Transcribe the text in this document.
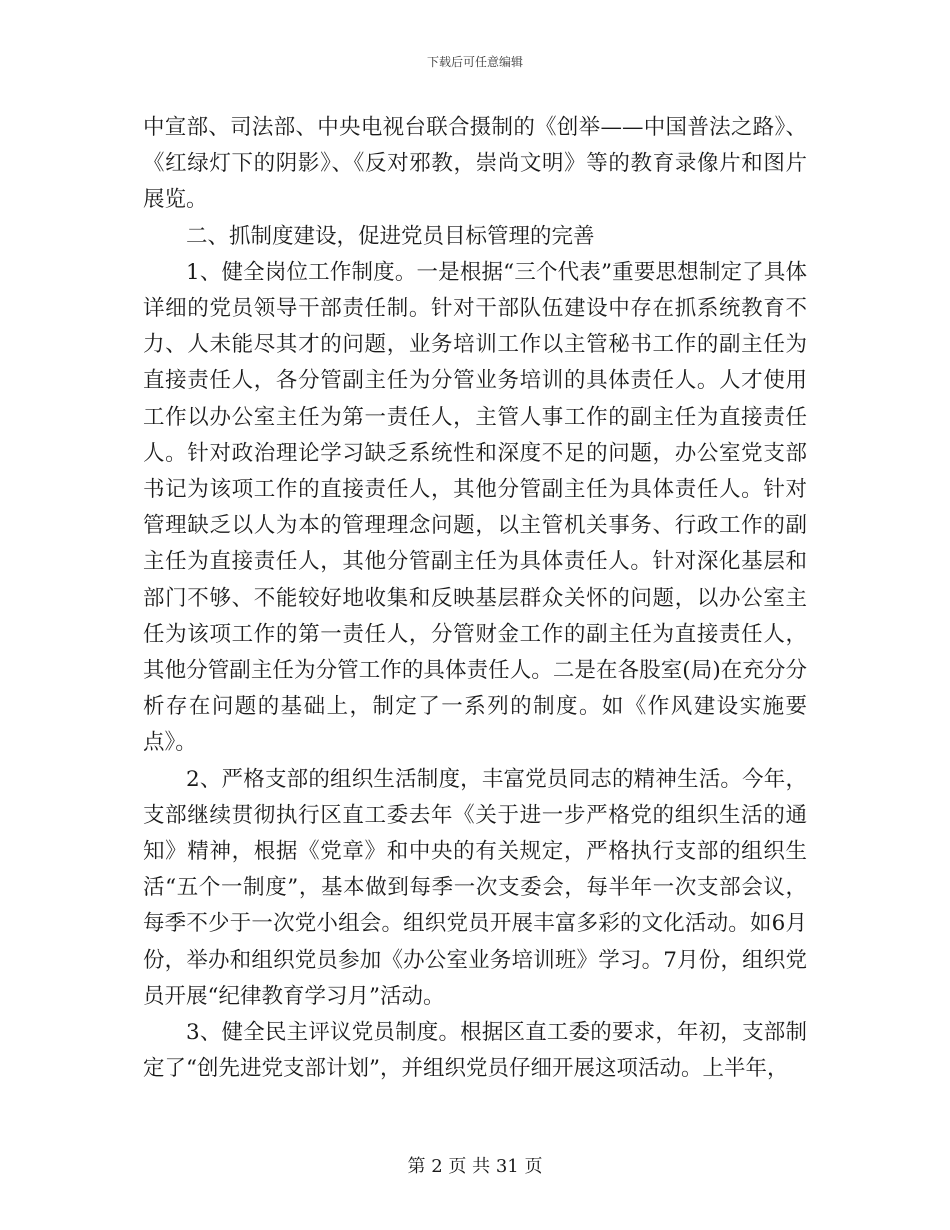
下载后可任意编辑

中宣部、司法部、中央电视台联合摄制的《创举——中国普法之路》、《红绿灯下的阴影》、《反对邪教，崇尚文明》等的教育录像片和图片展览。

二、抓制度建设，促进党员目标管理的完善

1、健全岗位工作制度。一是根据“三个代表”重要思想制定了具体详细的党员领导干部责任制。针对干部队伍建设中存在抓系统教育不力、人未能尽其才的问题，业务培训工作以主管秘书工作的副主任为直接责任人，各分管副主任为分管业务培训的具体责任人。人才使用工作以办公室主任为第一责任人，主管人事工作的副主任为直接责任人。针对政治理论学习缺乏系统性和深度不足的问题，办公室党支部书记为该项工作的直接责任人，其他分管副主任为具体责任人。针对管理缺乏以人为本的管理理念问题，以主管机关事务、行政工作的副主任为直接责任人，其他分管副主任为具体责任人。针对深化基层和部门不够、不能较好地收集和反映基层群众关怀的问题，以办公室主任为该项工作的第一责任人，分管财金工作的副主任为直接责任人，其他分管副主任为分管工作的具体责任人。二是在各股室(局)在充分分析存在问题的基础上，制定了一系列的制度。如《作风建设实施要点》。

2、严格支部的组织生活制度，丰富党员同志的精神生活。今年，支部继续贯彻执行区直工委去年《关于进一步严格党的组织生活的通知》精神，根据《党章》和中央的有关规定，严格执行支部的组织生活“五个一制度”，基本做到每季一次支委会，每半年一次支部会议，每季不少于一次党小组会。组织党员开展丰富多彩的文化活动。如6月份，举办和组织党员参加《办公室业务培训班》学习。7月份，组织党员开展“纪律教育学习月”活动。

3、健全民主评议党员制度。根据区直工委的要求，年初，支部制定了“创先进党支部计划”，并组织党员仔细开展这项活动。上半年，

第 2 页 共 31 页
